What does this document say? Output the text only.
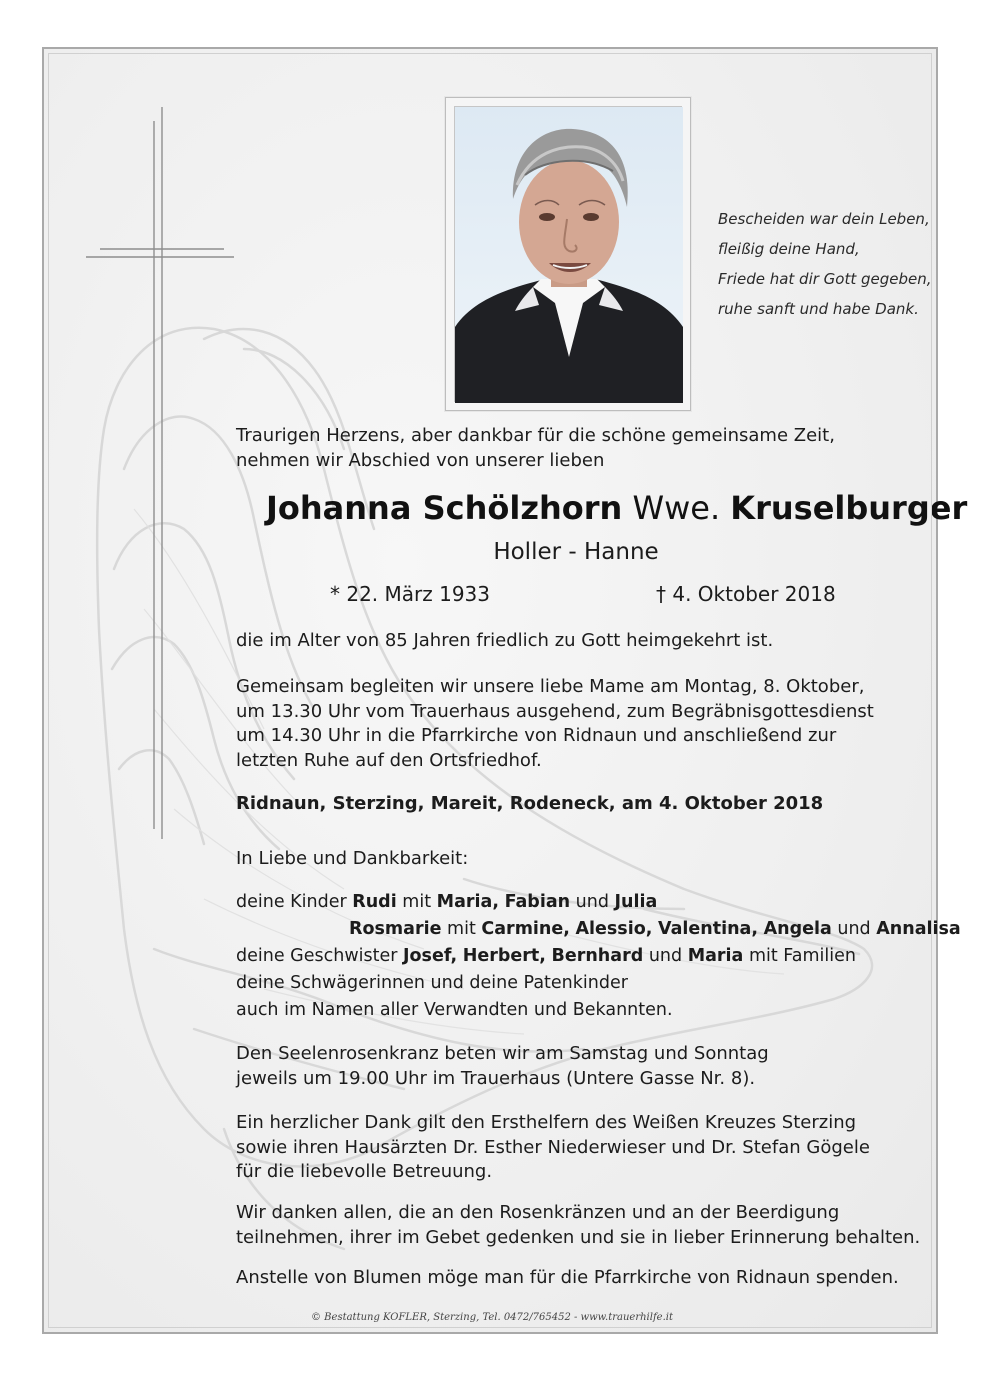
Bescheiden war dein Leben,
fleißig deine Hand,
Friede hat dir Gott gegeben,
ruhe sanft und habe Dank.

Traurigen Herzens, aber dankbar für die schöne gemeinsame Zeit, nehmen wir Abschied von unserer lieben

Johanna Schölzhorn Wwe. Kruselburger
Holler - Hanne
* 22. März 1933	† 4. Oktober 2018

die im Alter von 85 Jahren friedlich zu Gott heimgekehrt ist.

Gemeinsam begleiten wir unsere liebe Mame am Montag, 8. Oktober, um 13.30 Uhr vom Trauerhaus ausgehend, zum Begräbnisgottesdienst um 14.30 Uhr in die Pfarrkirche von Ridnaun und anschließend zur letzten Ruhe auf den Ortsfriedhof.

Ridnaun, Sterzing, Mareit, Rodeneck, am 4. Oktober 2018

In Liebe und Dankbarkeit:

deine Kinder Rudi mit Maria, Fabian und Julia
Rosmarie mit Carmine, Alessio, Valentina, Angela und Annalisa
deine Geschwister Josef, Herbert, Bernhard und Maria mit Familien
deine Schwägerinnen und deine Patenkinder
auch im Namen aller Verwandten und Bekannten.

Den Seelenrosenkranz beten wir am Samstag und Sonntag jeweils um 19.00 Uhr im Trauerhaus (Untere Gasse Nr. 8).

Ein herzlicher Dank gilt den Ersthelfern des Weißen Kreuzes Sterzing sowie ihren Hausärzten Dr. Esther Niederwieser und Dr. Stefan Gögele für die liebevolle Betreuung.

Wir danken allen, die an den Rosenkränzen und an der Beerdigung teilnehmen, ihrer im Gebet gedenken und sie in lieber Erinnerung behalten.

Anstelle von Blumen möge man für die Pfarrkirche von Ridnaun spenden.

© Bestattung KOFLER, Sterzing, Tel. 0472/765452 - www.trauerhilfe.it
